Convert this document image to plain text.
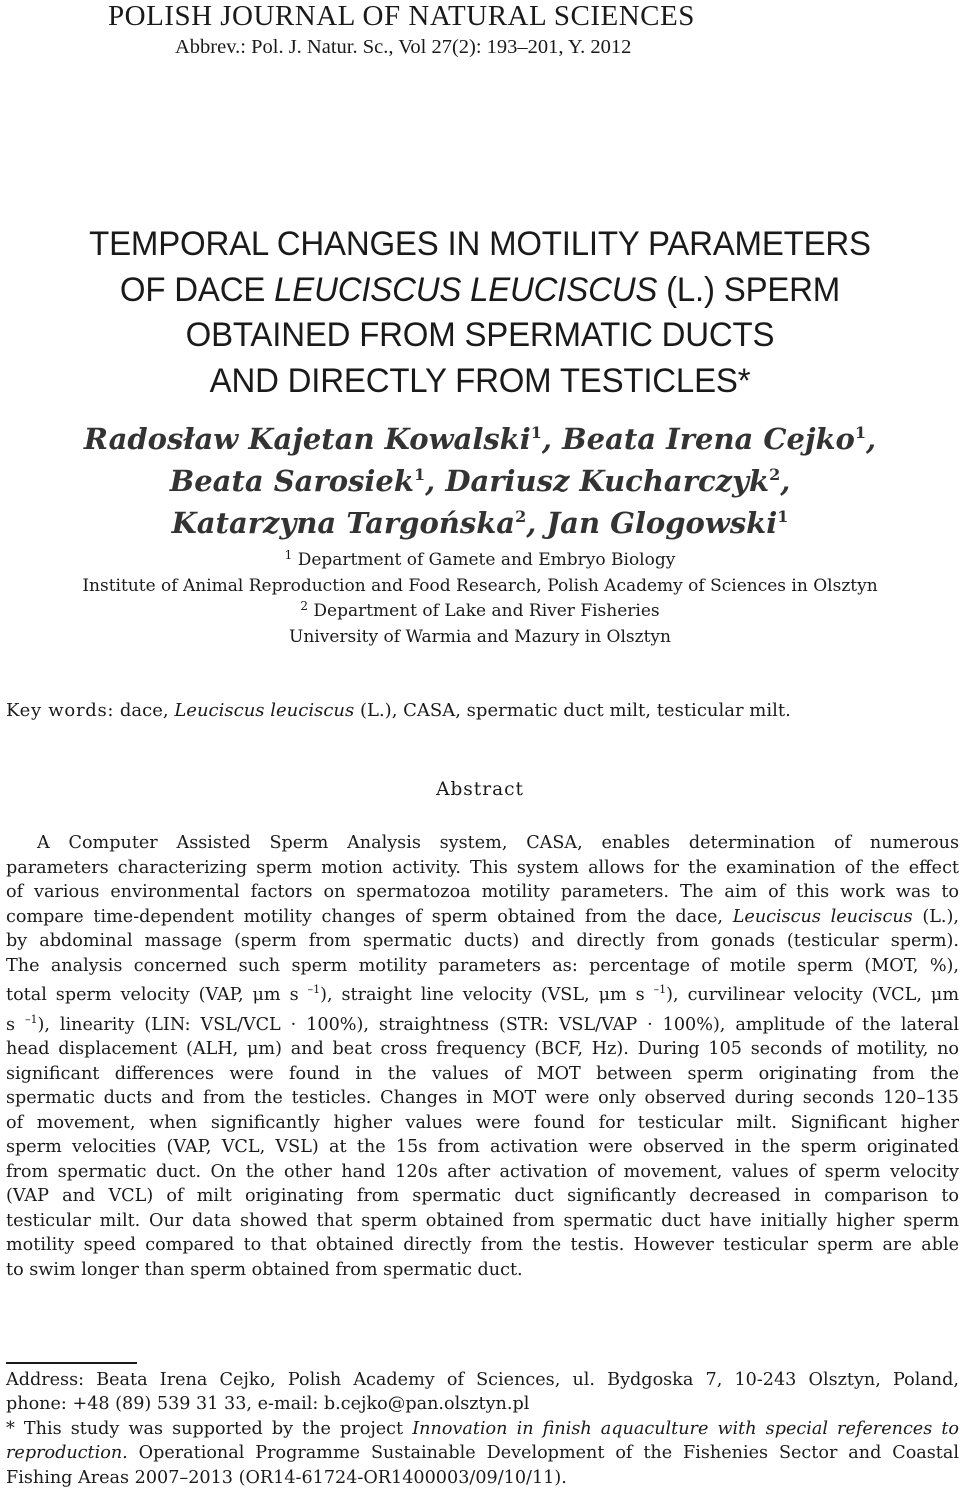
POLISH JOURNAL OF NATURAL SCIENCES
Abbrev.: Pol. J. Natur. Sc., Vol 27(2): 193–201, Y. 2012
TEMPORAL CHANGES IN MOTILITY PARAMETERS
OF DACE LEUCISCUS LEUCISCUS (L.) SPERM
OBTAINED FROM SPERMATIC DUCTS
AND DIRECTLY FROM TESTICLES*
Radosław Kajetan Kowalski$^1$, Beata Irena Cejko$^1$,
Beata Sarosiek$^1$, Dariusz Kucharczyk$^2$,
Katarzyna Targońska$^2$, Jan Glogowski$^1$
$^1$ Department of Gamete and Embryo Biology
Institute of Animal Reproduction and Food Research, Polish Academy of Sciences in Olsztyn
$^2$ Department of Lake and River Fisheries
University of Warmia and Mazury in Olsztyn
Key words: dace, Leuciscus leuciscus (L.), CASA, spermatic duct milt, testicular milt.
Abstract
A Computer Assisted Sperm Analysis system, CASA, enables determination of numerous
parameters characterizing sperm motion activity. This system allows for the examination of the effect
of various environmental factors on spermatozoa motility parameters. The aim of this work was to
compare time-dependent motility changes of sperm obtained from the dace, Leuciscus leuciscus (L.),
by abdominal massage (sperm from spermatic ducts) and directly from gonads (testicular sperm).
The analysis concerned such sperm motility parameters as: percentage of motile sperm (MOT, %),
total sperm velocity (VAP, μm s $^{-1}$), straight line velocity (VSL, μm s $^{-1}$), curvilinear velocity (VCL, μm
s $^{-1}$), linearity (LIN: VSL/VCL · 100%), straightness (STR: VSL/VAP · 100%), amplitude of the lateral
head displacement (ALH, μm) and beat cross frequency (BCF, Hz). During 105 seconds of motility, no
significant differences were found in the values of MOT between sperm originating from the
spermatic ducts and from the testicles. Changes in MOT were only observed during seconds 120–135
of movement, when significantly higher values were found for testicular milt. Significant higher
sperm velocities (VAP, VCL, VSL) at the 15s from activation were observed in the sperm originated
from spermatic duct. On the other hand 120s after activation of movement, values of sperm velocity
(VAP and VCL) of milt originating from spermatic duct significantly decreased in comparison to
testicular milt. Our data showed that sperm obtained from spermatic duct have initially higher sperm
motility speed compared to that obtained directly from the testis. However testicular sperm are able
to swim longer than sperm obtained from spermatic duct.
Address: Beata Irena Cejko, Polish Academy of Sciences, ul. Bydgoska 7, 10-243 Olsztyn, Poland,
phone: +48 (89) 539 31 33, e-mail: b.cejko@pan.olsztyn.pl
* This study was supported by the project Innovation in finish aquaculture with special references to
reproduction. Operational Programme Sustainable Development of the Fishenies Sector and Coastal
Fishing Areas 2007–2013 (OR14-61724-OR1400003/09/10/11).
